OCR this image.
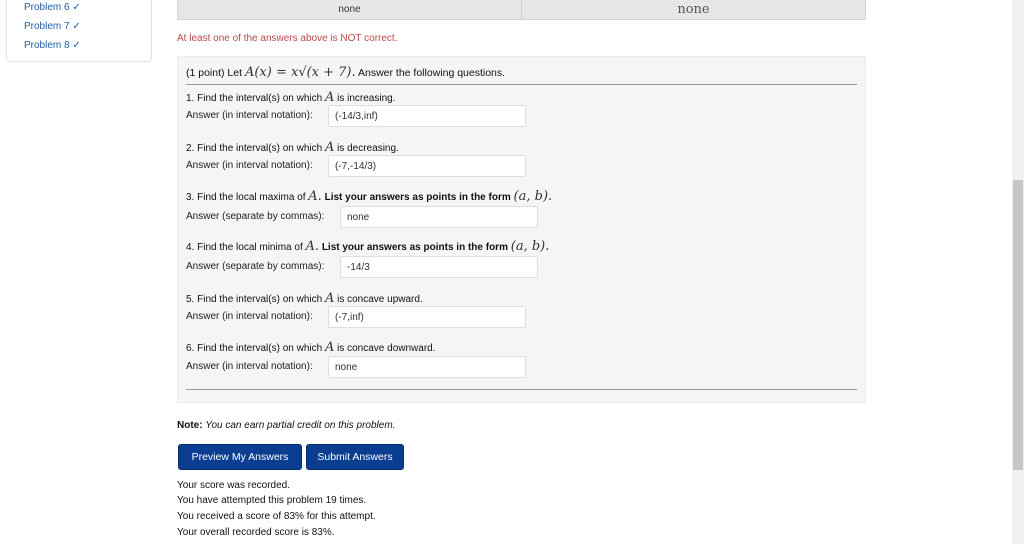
Problem 6 ✓
Problem 7 ✓
Problem 8 ✓
none	none
At least one of the answers above is NOT correct.
(1 point) Let A(x) = x√(x + 7). Answer the following questions.
1. Find the interval(s) on which A is increasing.
Answer (in interval notation):	(-14/3,inf)
2. Find the interval(s) on which A is decreasing.
Answer (in interval notation):	(-7,-14/3)
3. Find the local maxima of A. List your answers as points in the form (a, b).
Answer (separate by commas):	none
4. Find the local minima of A. List your answers as points in the form (a, b).
Answer (separate by commas):	-14/3
5. Find the interval(s) on which A is concave upward.
Answer (in interval notation):	(-7,inf)
6. Find the interval(s) on which A is concave downward.
Answer (in interval notation):	none
Note: You can earn partial credit on this problem.
Preview My Answers	Submit Answers
Your score was recorded.
You have attempted this problem 19 times.
You received a score of 83% for this attempt.
Your overall recorded score is 83%.
